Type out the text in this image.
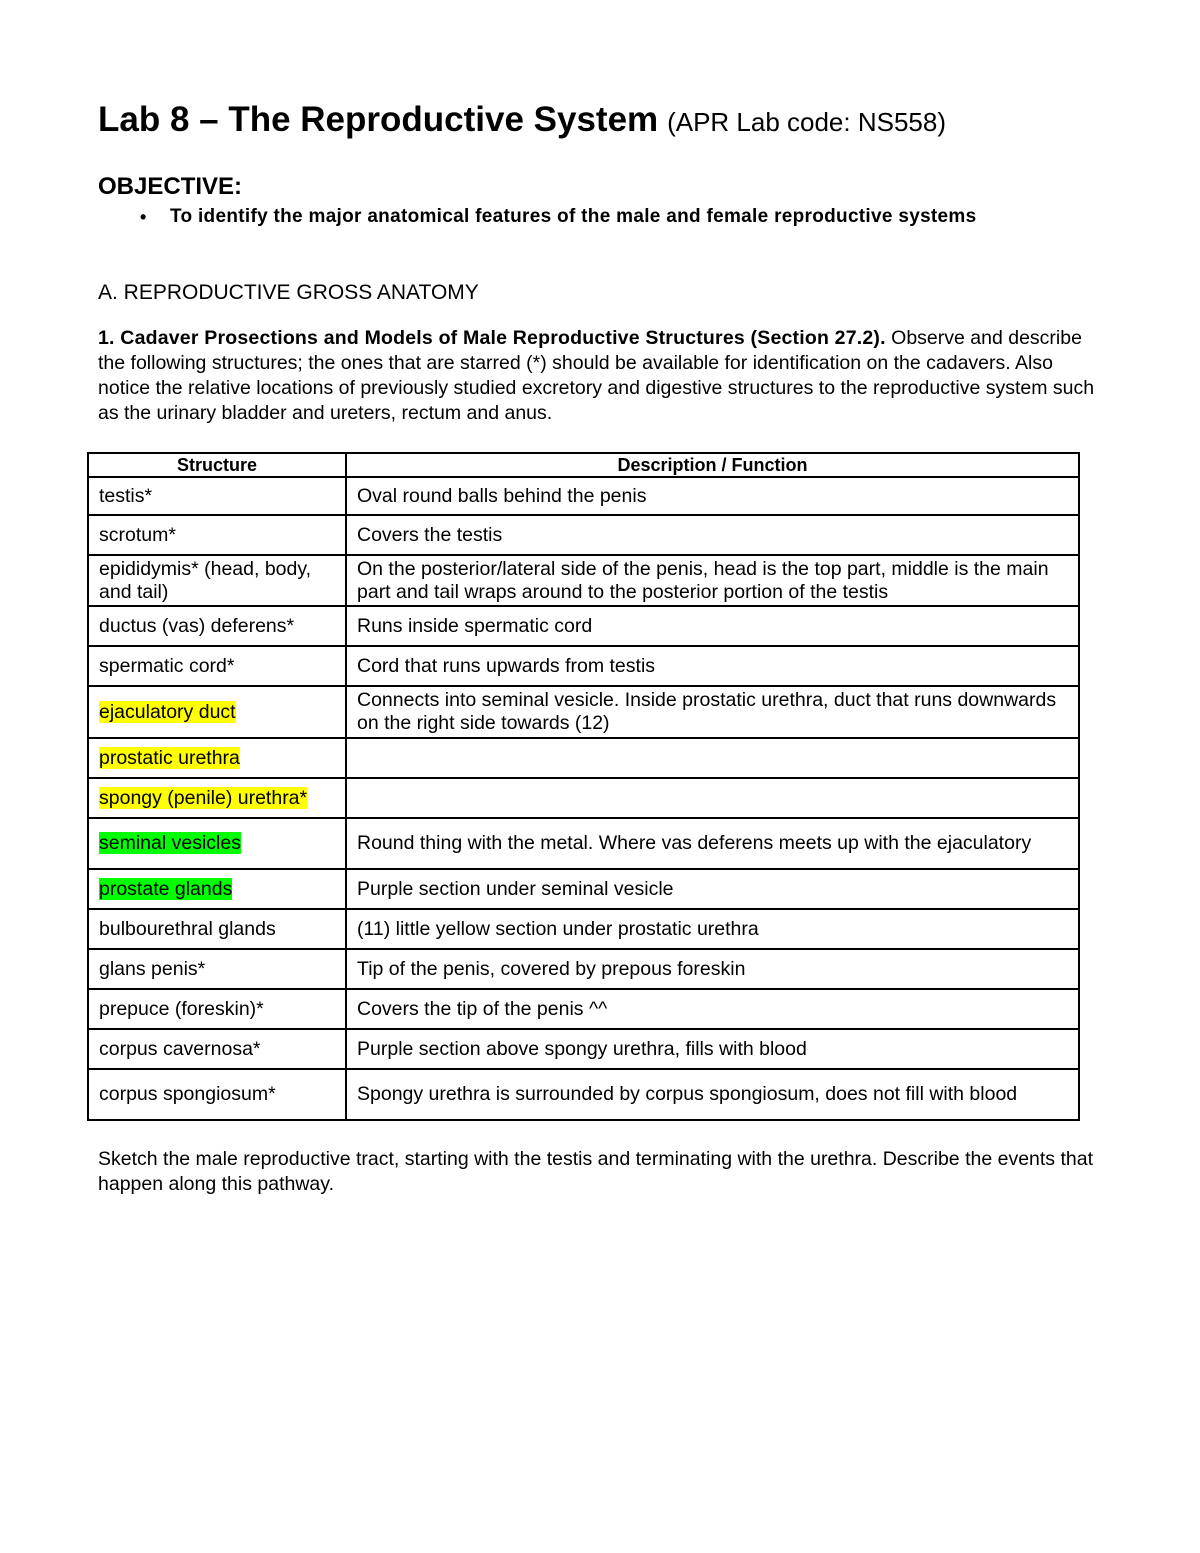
Lab 8 – The Reproductive System (APR Lab code: NS558)
OBJECTIVE:
• To identify the major anatomical features of the male and female reproductive systems
A. REPRODUCTIVE GROSS ANATOMY

1. Cadaver Prosections and Models of Male Reproductive Structures (Section 27.2). Observe and describe the following structures; the ones that are starred (*) should be available for identification on the cadavers. Also notice the relative locations of previously studied excretory and digestive structures to the reproductive system such as the urinary bladder and ureters, rectum and anus.

Structure	Description / Function
testis*	Oval round balls behind the penis
scrotum*	Covers the testis
epididymis* (head, body, and tail)	On the posterior/lateral side of the penis, head is the top part, middle is the main part and tail wraps around to the posterior portion of the testis
ductus (vas) deferens*	Runs inside spermatic cord
spermatic cord*	Cord that runs upwards from testis
ejaculatory duct	Connects into seminal vesicle. Inside prostatic urethra, duct that runs downwards on the right side towards (12)
prostatic urethra	
spongy (penile) urethra*	
seminal vesicles	Round thing with the metal. Where vas deferens meets up with the ejaculatory
prostate glands	Purple section under seminal vesicle
bulbourethral glands	(11) little yellow section under prostatic urethra
glans penis*	Tip of the penis, covered by prepous foreskin
prepuce (foreskin)*	Covers the tip of the penis ^^
corpus cavernosa*	Purple section above spongy urethra, fills with blood
corpus spongiosum*	Spongy urethra is surrounded by corpus spongiosum, does not fill with blood

Sketch the male reproductive tract, starting with the testis and terminating with the urethra. Describe the events that happen along this pathway.
